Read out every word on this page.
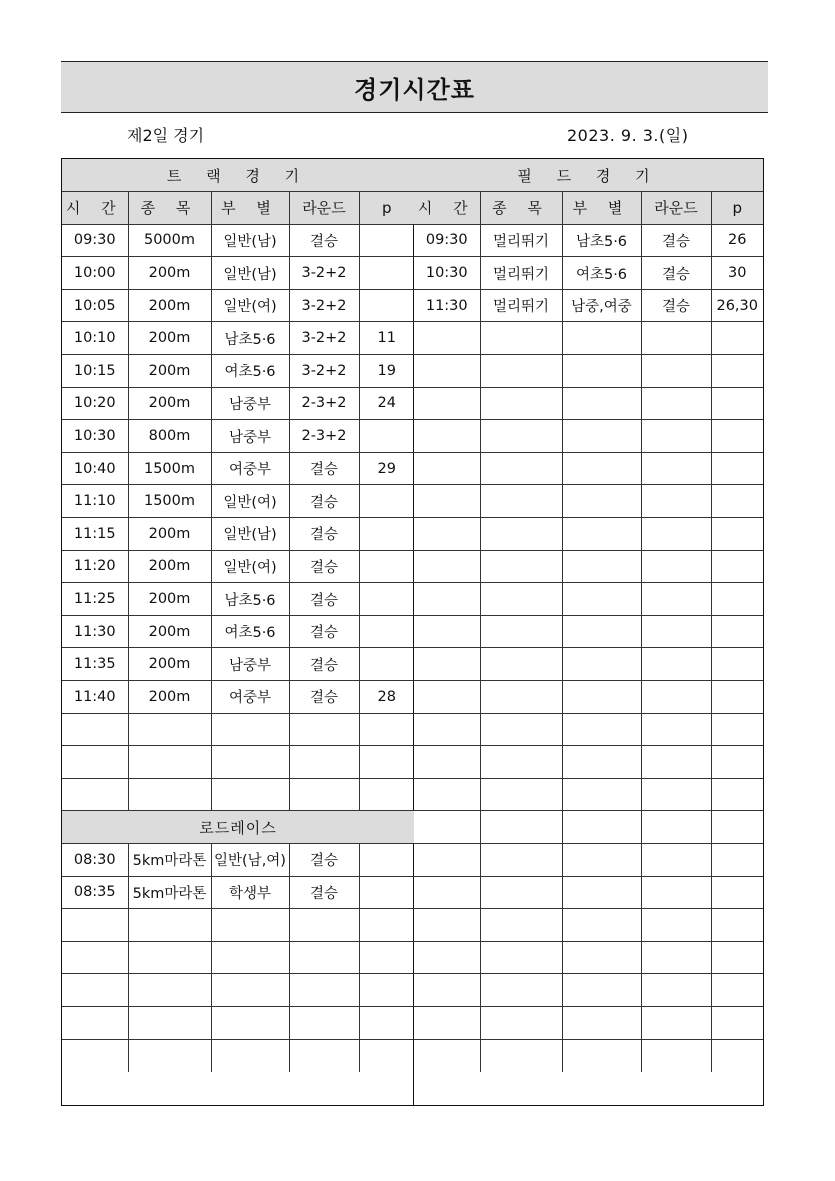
경기시간표
제2일 경기	2023. 9. 3.(일)
트 랙 경 기				
시 간	종 목	부 별	라운드	p
09:30	5000m	일반(남)	결승	
10:00	200m	일반(남)	3-2+2	
10:05	200m	일반(여)	3-2+2	
10:10	200m	남초5·6	3-2+2	11
10:15	200m	여초5·6	3-2+2	19
10:20	200m	남중부	2-3+2	24
10:30	800m	남중부	2-3+2	
10:40	1500m	여중부	결승	29
11:10	1500m	일반(여)	결승	
11:15	200m	일반(남)	결승	
11:20	200m	일반(여)	결승	
11:25	200m	남초5·6	결승	
11:30	200m	여초5·6	결승	
11:35	200m	남중부	결승	
11:40	200m	여중부	결승	28

로드레이스				
08:30	5km마라톤	일반(남,여)	결승	
08:35	5km마라톤	학생부	결승	

필 드 경 기				
시 간	종 목	부 별	라운드	p
09:30	멀리뛰기	남초5·6	결승	26
10:30	멀리뛰기	여초5·6	결승	30
11:30	멀리뛰기	남중,여중	결승	26,30
